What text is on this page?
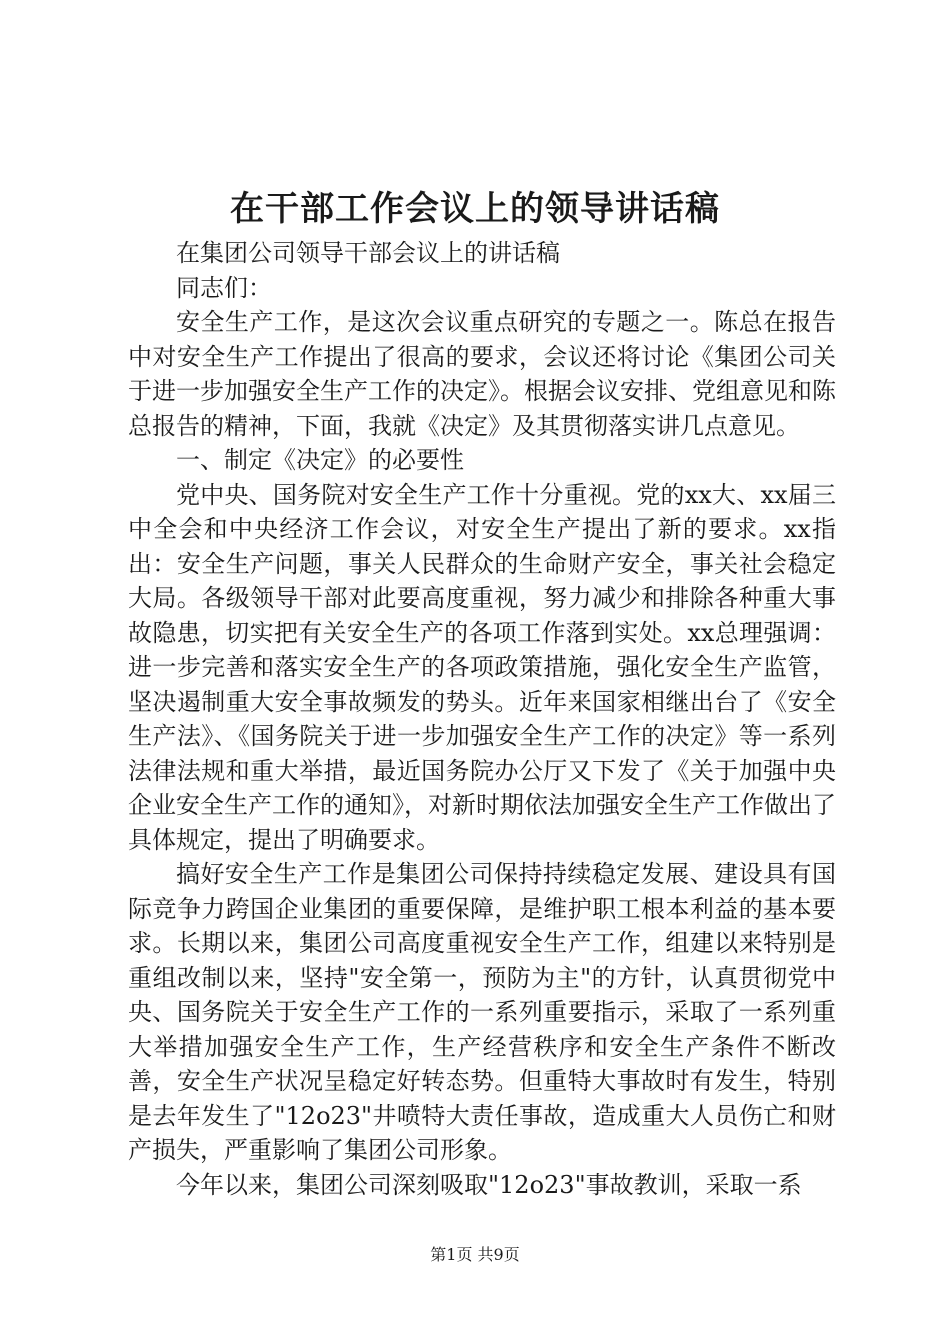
在干部工作会议上的领导讲话稿

在集团公司领导干部会议上的讲话稿

同志们：

安全生产工作，是这次会议重点研究的专题之一。陈总在报告中对安全生产工作提出了很高的要求，会议还将讨论《集团公司关于进一步加强安全生产工作的决定》。根据会议安排、党组意见和陈总报告的精神，下面，我就《决定》及其贯彻落实讲几点意见。

一、制定《决定》的必要性

党中央、国务院对安全生产工作十分重视。党的xx大、xx届三中全会和中央经济工作会议，对安全生产提出了新的要求。xx指出：安全生产问题，事关人民群众的生命财产安全，事关社会稳定大局。各级领导干部对此要高度重视，努力减少和排除各种重大事故隐患，切实把有关安全生产的各项工作落到实处。xx总理强调：进一步完善和落实安全生产的各项政策措施，强化安全生产监管，坚决遏制重大安全事故频发的势头。近年来国家相继出台了《安全生产法》、《国务院关于进一步加强安全生产工作的决定》等一系列法律法规和重大举措，最近国务院办公厅又下发了《关于加强中央企业安全生产工作的通知》，对新时期依法加强安全生产工作做出了具体规定，提出了明确要求。

搞好安全生产工作是集团公司保持持续稳定发展、建设具有国际竞争力跨国企业集团的重要保障，是维护职工根本利益的基本要求。长期以来，集团公司高度重视安全生产工作，组建以来特别是重组改制以来，坚持"安全第一，预防为主"的方针，认真贯彻党中央、国务院关于安全生产工作的一系列重要指示，采取了一系列重大举措加强安全生产工作，生产经营秩序和安全生产条件不断改善，安全生产状况呈稳定好转态势。但重特大事故时有发生，特别是去年发生了"12o23"井喷特大责任事故，造成重大人员伤亡和财产损失，严重影响了集团公司形象。

今年以来，集团公司深刻吸取"12o23"事故教训，采取一系

第1页 共9页
